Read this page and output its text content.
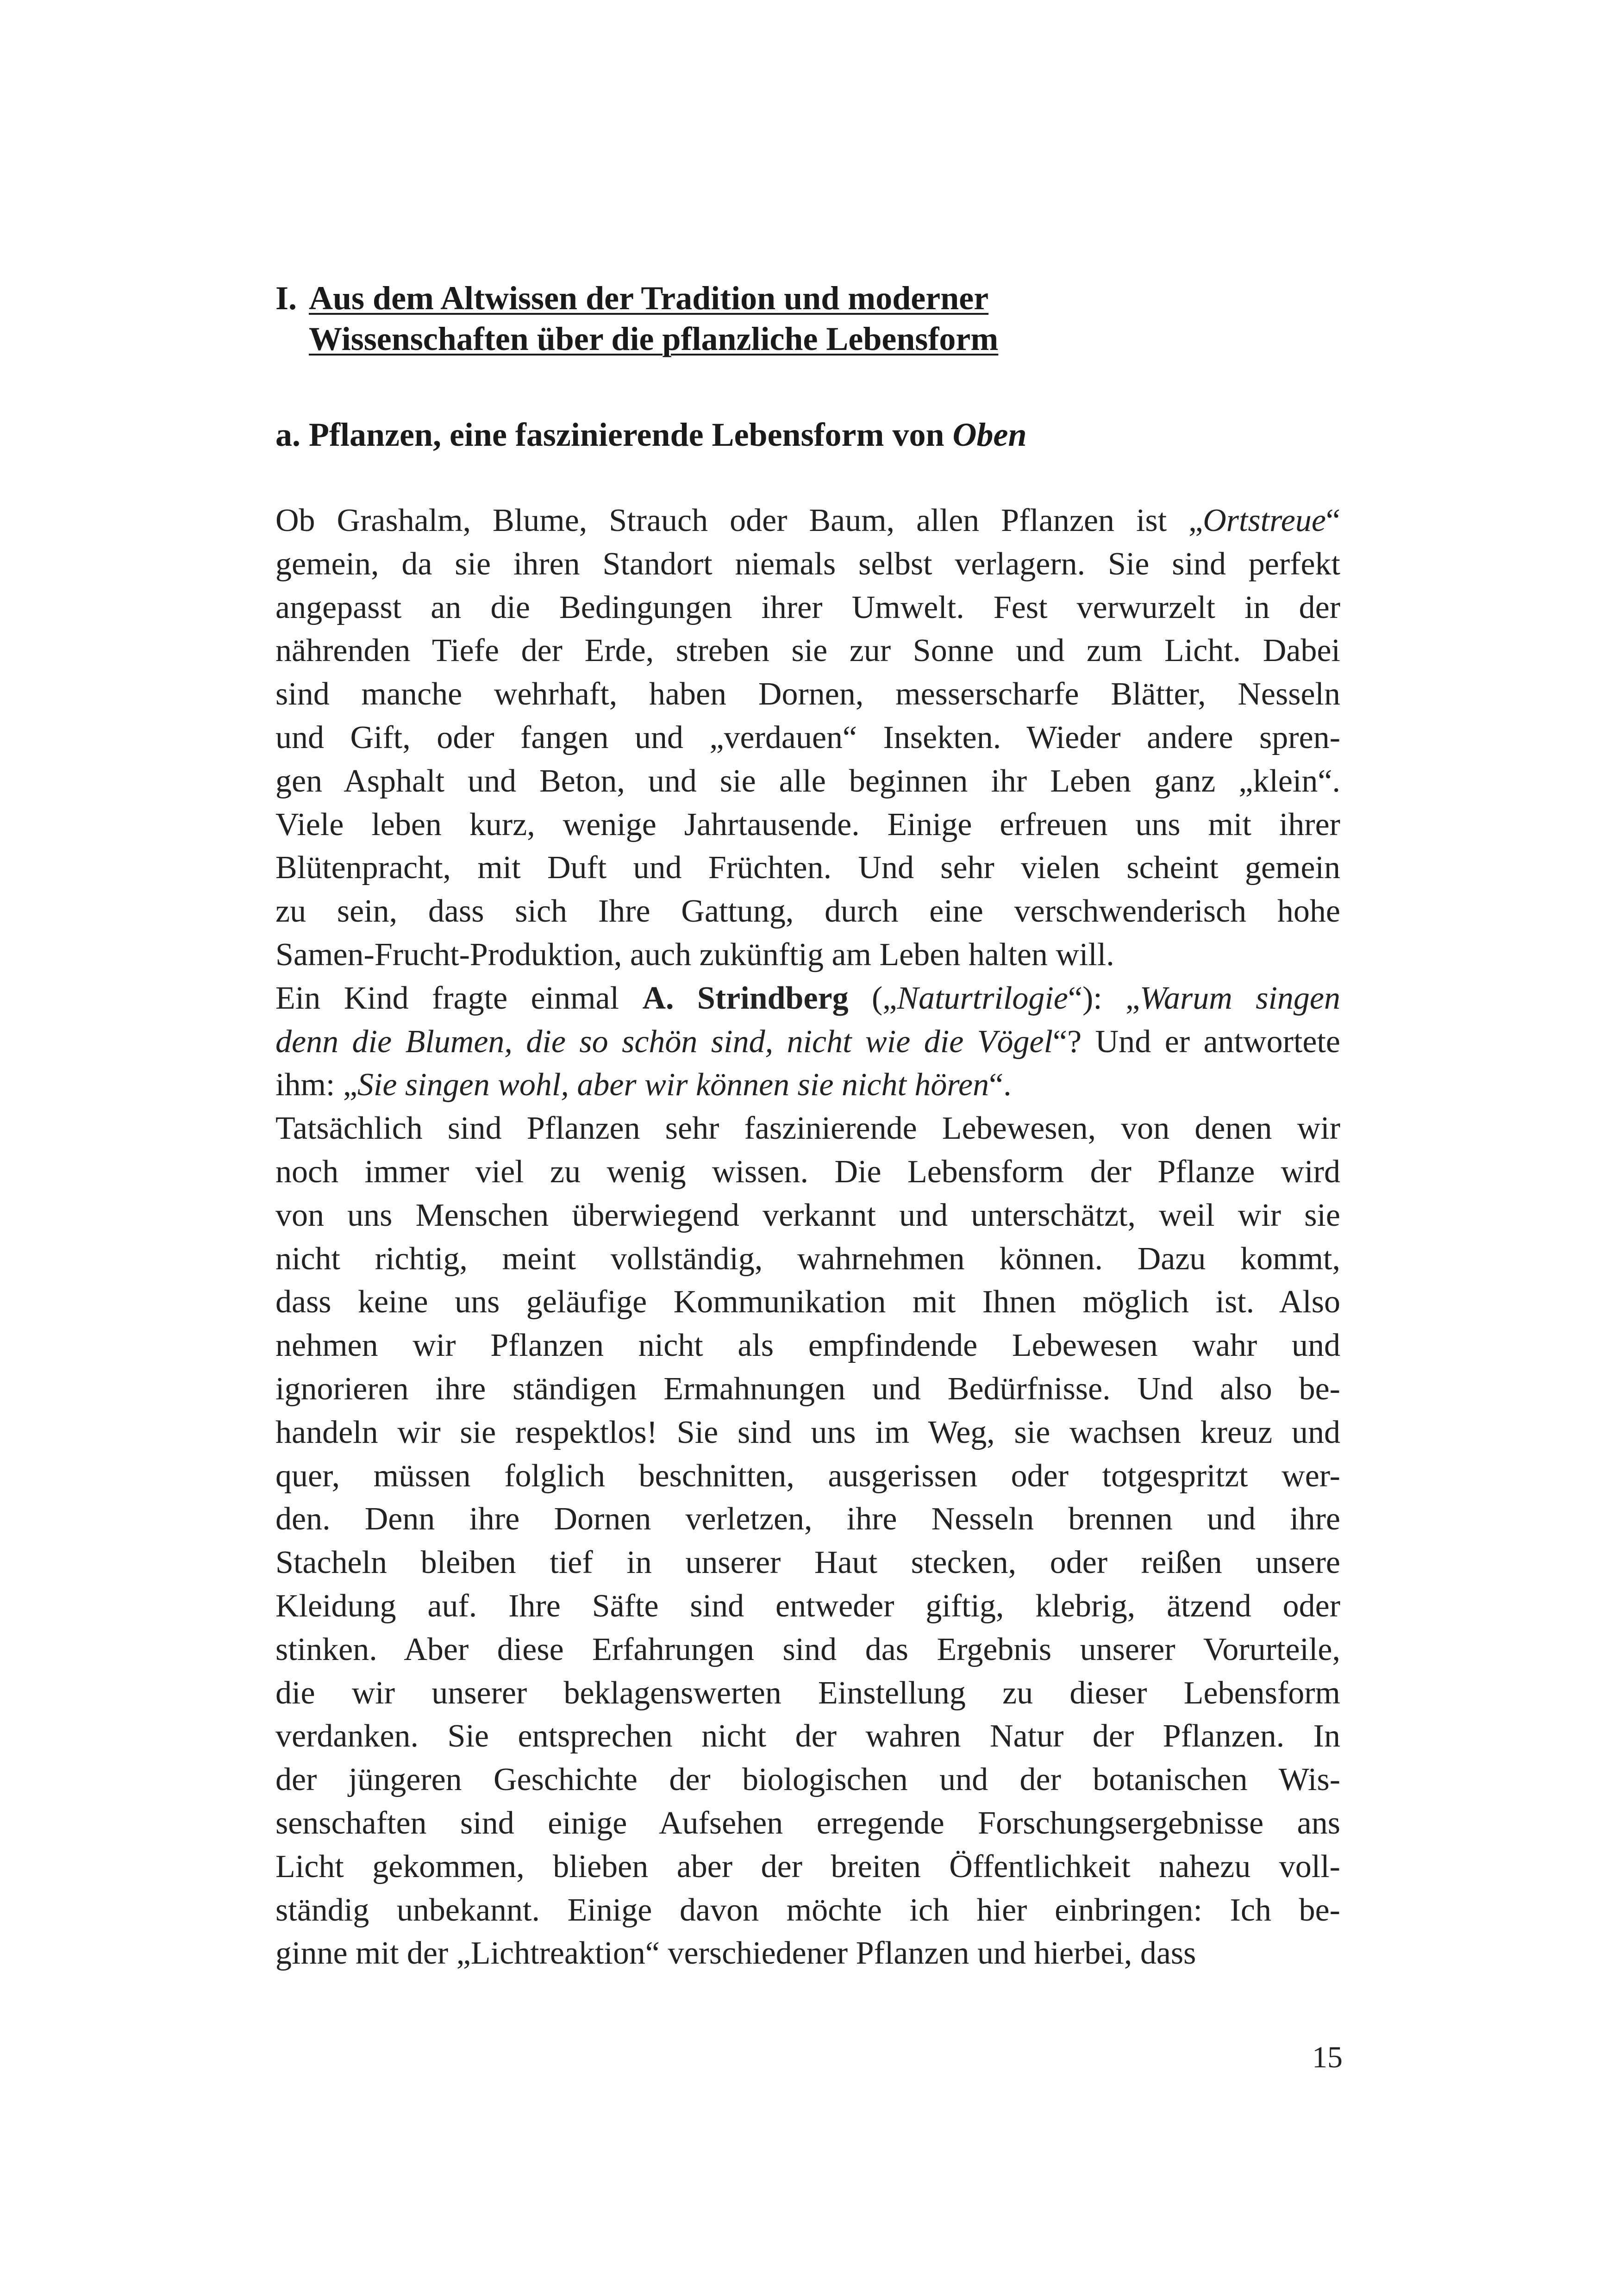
I. Aus dem Altwissen der Tradition und moderner
Wissenschaften über die pflanzliche Lebensform
a. Pflanzen, eine faszinierende Lebensform von Oben
Ob Grashalm, Blume, Strauch oder Baum, allen Pflanzen ist „Ortstreue“
gemein, da sie ihren Standort niemals selbst verlagern. Sie sind perfekt
angepasst an die Bedingungen ihrer Umwelt. Fest verwurzelt in der
nährenden Tiefe der Erde, streben sie zur Sonne und zum Licht. Dabei
sind manche wehrhaft, haben Dornen, messerscharfe Blätter, Nesseln
und Gift, oder fangen und „verdauen“ Insekten. Wieder andere spren-
gen Asphalt und Beton, und sie alle beginnen ihr Leben ganz „klein“.
Viele leben kurz, wenige Jahrtausende. Einige erfreuen uns mit ihrer
Blütenpracht, mit Duft und Früchten. Und sehr vielen scheint gemein
zu sein, dass sich Ihre Gattung, durch eine verschwenderisch hohe
Samen-Frucht-Produktion, auch zukünftig am Leben halten will.
Ein Kind fragte einmal A. Strindberg („Naturtrilogie“): „Warum singen
denn die Blumen, die so schön sind, nicht wie die Vögel“? Und er antwortete
ihm: „Sie singen wohl, aber wir können sie nicht hören“.
Tatsächlich sind Pflanzen sehr faszinierende Lebewesen, von denen wir
noch immer viel zu wenig wissen. Die Lebensform der Pflanze wird
von uns Menschen überwiegend verkannt und unterschätzt, weil wir sie
nicht richtig, meint vollständig, wahrnehmen können. Dazu kommt,
dass keine uns geläufige Kommunikation mit Ihnen möglich ist. Also
nehmen wir Pflanzen nicht als empfindende Lebewesen wahr und
ignorieren ihre ständigen Ermahnungen und Bedürfnisse. Und also be-
handeln wir sie respektlos! Sie sind uns im Weg, sie wachsen kreuz und
quer, müssen folglich beschnitten, ausgerissen oder totgespritzt wer-
den. Denn ihre Dornen verletzen, ihre Nesseln brennen und ihre
Stacheln bleiben tief in unserer Haut stecken, oder reißen unsere
Kleidung auf. Ihre Säfte sind entweder giftig, klebrig, ätzend oder
stinken. Aber diese Erfahrungen sind das Ergebnis unserer Vorurteile,
die wir unserer beklagenswerten Einstellung zu dieser Lebensform
verdanken. Sie entsprechen nicht der wahren Natur der Pflanzen. In
der jüngeren Geschichte der biologischen und der botanischen Wis-
senschaften sind einige Aufsehen erregende Forschungsergebnisse ans
Licht gekommen, blieben aber der breiten Öffentlichkeit nahezu voll-
ständig unbekannt. Einige davon möchte ich hier einbringen: Ich be-
ginne mit der „Lichtreaktion“ verschiedener Pflanzen und hierbei, dass
15
